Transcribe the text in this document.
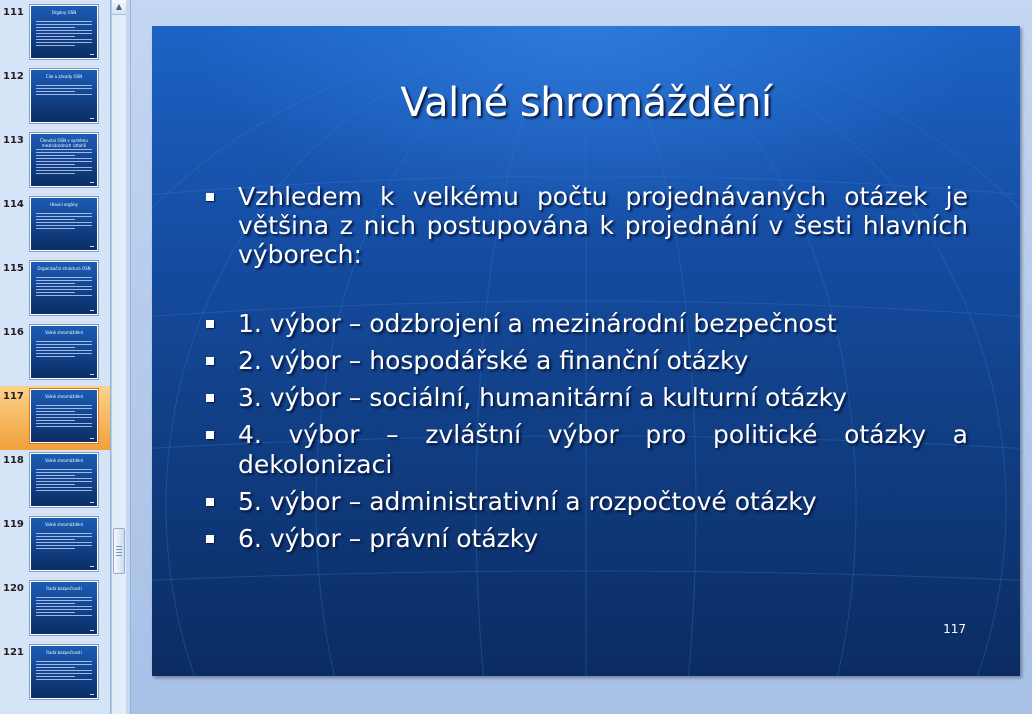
111	Orgány OSN
112	Cíle a zásady OSN
113	Členství OSN v systému
mezinárodních vztahů
114	Hlavní orgány
115	Organizační struktura OSN
116	Valné shromáždění
117	Valné shromáždění
118	Valné shromáždění
119	Valné shromáždění
120	Rada bezpečnosti
121	Rada bezpečnosti
▲
Valné shromáždění
Vzhledem k velkému počtu projednávaných otázek je většina z nich postupována k projednání v šesti hlavních výborech:
1. výbor – odzbrojení a mezinárodní bezpečnost
2. výbor – hospodářské a finanční otázky
3. výbor – sociální, humanitární a kulturní otázky
4. výbor – zvláštní výbor pro politické otázky a dekolonizaci
5. výbor – administrativní a rozpočtové otázky
6. výbor – právní otázky
117
